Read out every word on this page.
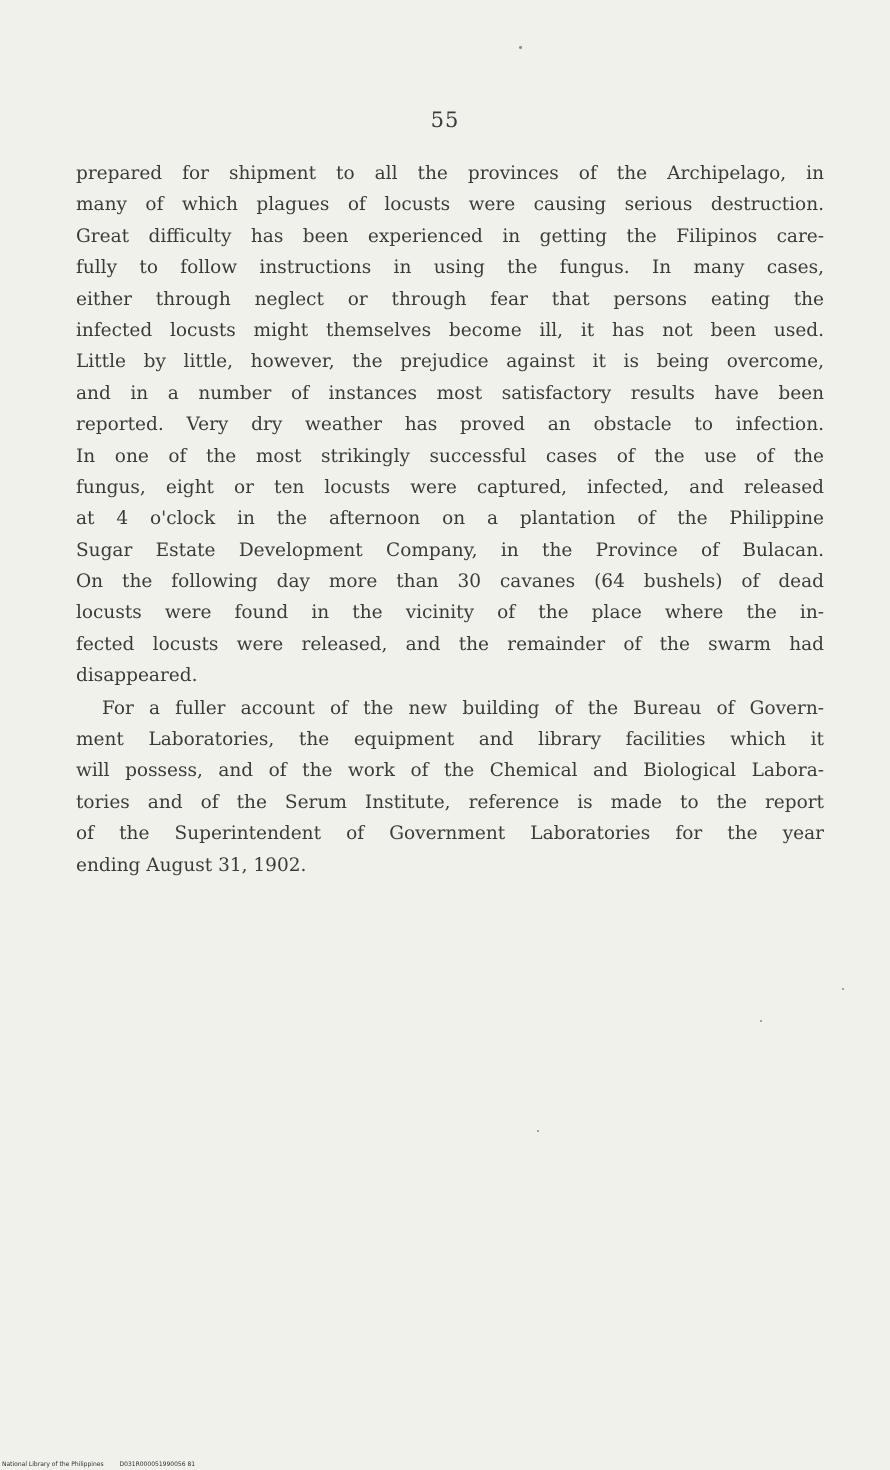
55
prepared for shipment to all the provinces of the Archipelago, in
many of which plagues of locusts were causing serious destruction.
Great difficulty has been experienced in getting the Filipinos care-
fully to follow instructions in using the fungus. In many cases,
either through neglect or through fear that persons eating the
infected locusts might themselves become ill, it has not been used.
Little by little, however, the prejudice against it is being overcome,
and in a number of instances most satisfactory results have been
reported. Very dry weather has proved an obstacle to infection.
In one of the most strikingly successful cases of the use of the
fungus, eight or ten locusts were captured, infected, and released
at 4 o'clock in the afternoon on a plantation of the Philippine
Sugar Estate Development Company, in the Province of Bulacan.
On the following day more than 30 cavanes (64 bushels) of dead
locusts were found in the vicinity of the place where the in-
fected locusts were released, and the remainder of the swarm had
disappeared.
For a fuller account of the new building of the Bureau of Govern-
ment Laboratories, the equipment and library facilities which it
will possess, and of the work of the Chemical and Biological Labora-
tories and of the Serum Institute, reference is made to the report
of the Superintendent of Government Laboratories for the year
ending August 31, 1902.
National Library of the Philippines	D031R000051990056 81
